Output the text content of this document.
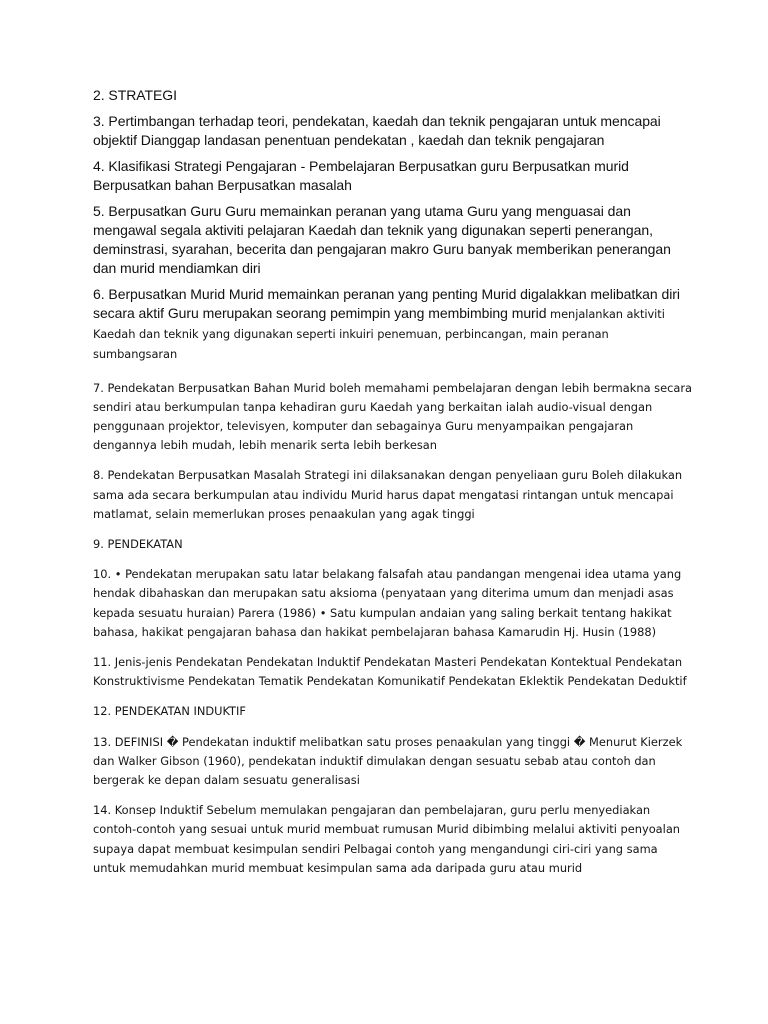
2. STRATEGI

3. Pertimbangan terhadap teori, pendekatan, kaedah dan teknik pengajaran untuk mencapai objektif Dianggap landasan penentuan pendekatan , kaedah dan teknik pengajaran

4. Klasifikasi Strategi Pengajaran - Pembelajaran Berpusatkan guru Berpusatkan murid Berpusatkan bahan Berpusatkan masalah

5. Berpusatkan Guru Guru memainkan peranan yang utama Guru yang menguasai dan mengawal segala aktiviti pelajaran Kaedah dan teknik yang digunakan seperti penerangan, deminstrasi, syarahan, becerita dan pengajaran makro Guru banyak memberikan penerangan dan murid mendiamkan diri

6. Berpusatkan Murid Murid memainkan peranan yang penting Murid digalakkan melibatkan diri secara aktif Guru merupakan seorang pemimpin yang membimbing murid menjalankan aktiviti Kaedah dan teknik yang digunakan seperti inkuiri penemuan, perbincangan, main peranan sumbangsaran

7. Pendekatan Berpusatkan Bahan Murid boleh memahami pembelajaran dengan lebih bermakna secara sendiri atau berkumpulan tanpa kehadiran guru Kaedah yang berkaitan ialah audio-visual dengan penggunaan projektor, televisyen, komputer dan sebagainya Guru menyampaikan pengajaran dengannya lebih mudah, lebih menarik serta lebih berkesan

8. Pendekatan Berpusatkan Masalah Strategi ini dilaksanakan dengan penyeliaan guru Boleh dilakukan sama ada secara berkumpulan atau individu Murid harus dapat mengatasi rintangan untuk mencapai matlamat, selain memerlukan proses penaakulan yang agak tinggi

9. PENDEKATAN

10. • Pendekatan merupakan satu latar belakang falsafah atau pandangan mengenai idea utama yang hendak dibahaskan dan merupakan satu aksioma (penyataan yang diterima umum dan menjadi asas kepada sesuatu huraian) Parera (1986) • Satu kumpulan andaian yang saling berkait tentang hakikat bahasa, hakikat pengajaran bahasa dan hakikat pembelajaran bahasa Kamarudin Hj. Husin (1988)

11. Jenis-jenis Pendekatan Pendekatan Induktif Pendekatan Masteri Pendekatan Kontektual Pendekatan Konstruktivisme Pendekatan Tematik Pendekatan Komunikatif Pendekatan Eklektik Pendekatan Deduktif

12. PENDEKATAN INDUKTIF

13. DEFINISI � Pendekatan induktif melibatkan satu proses penaakulan yang tinggi � Menurut Kierzek dan Walker Gibson (1960), pendekatan induktif dimulakan dengan sesuatu sebab atau contoh dan bergerak ke depan dalam sesuatu generalisasi

14. Konsep Induktif Sebelum memulakan pengajaran dan pembelajaran, guru perlu menyediakan contoh-contoh yang sesuai untuk murid membuat rumusan Murid dibimbing melalui aktiviti penyoalan supaya dapat membuat kesimpulan sendiri Pelbagai contoh yang mengandungi ciri-ciri yang sama untuk memudahkan murid membuat kesimpulan sama ada daripada guru atau murid
